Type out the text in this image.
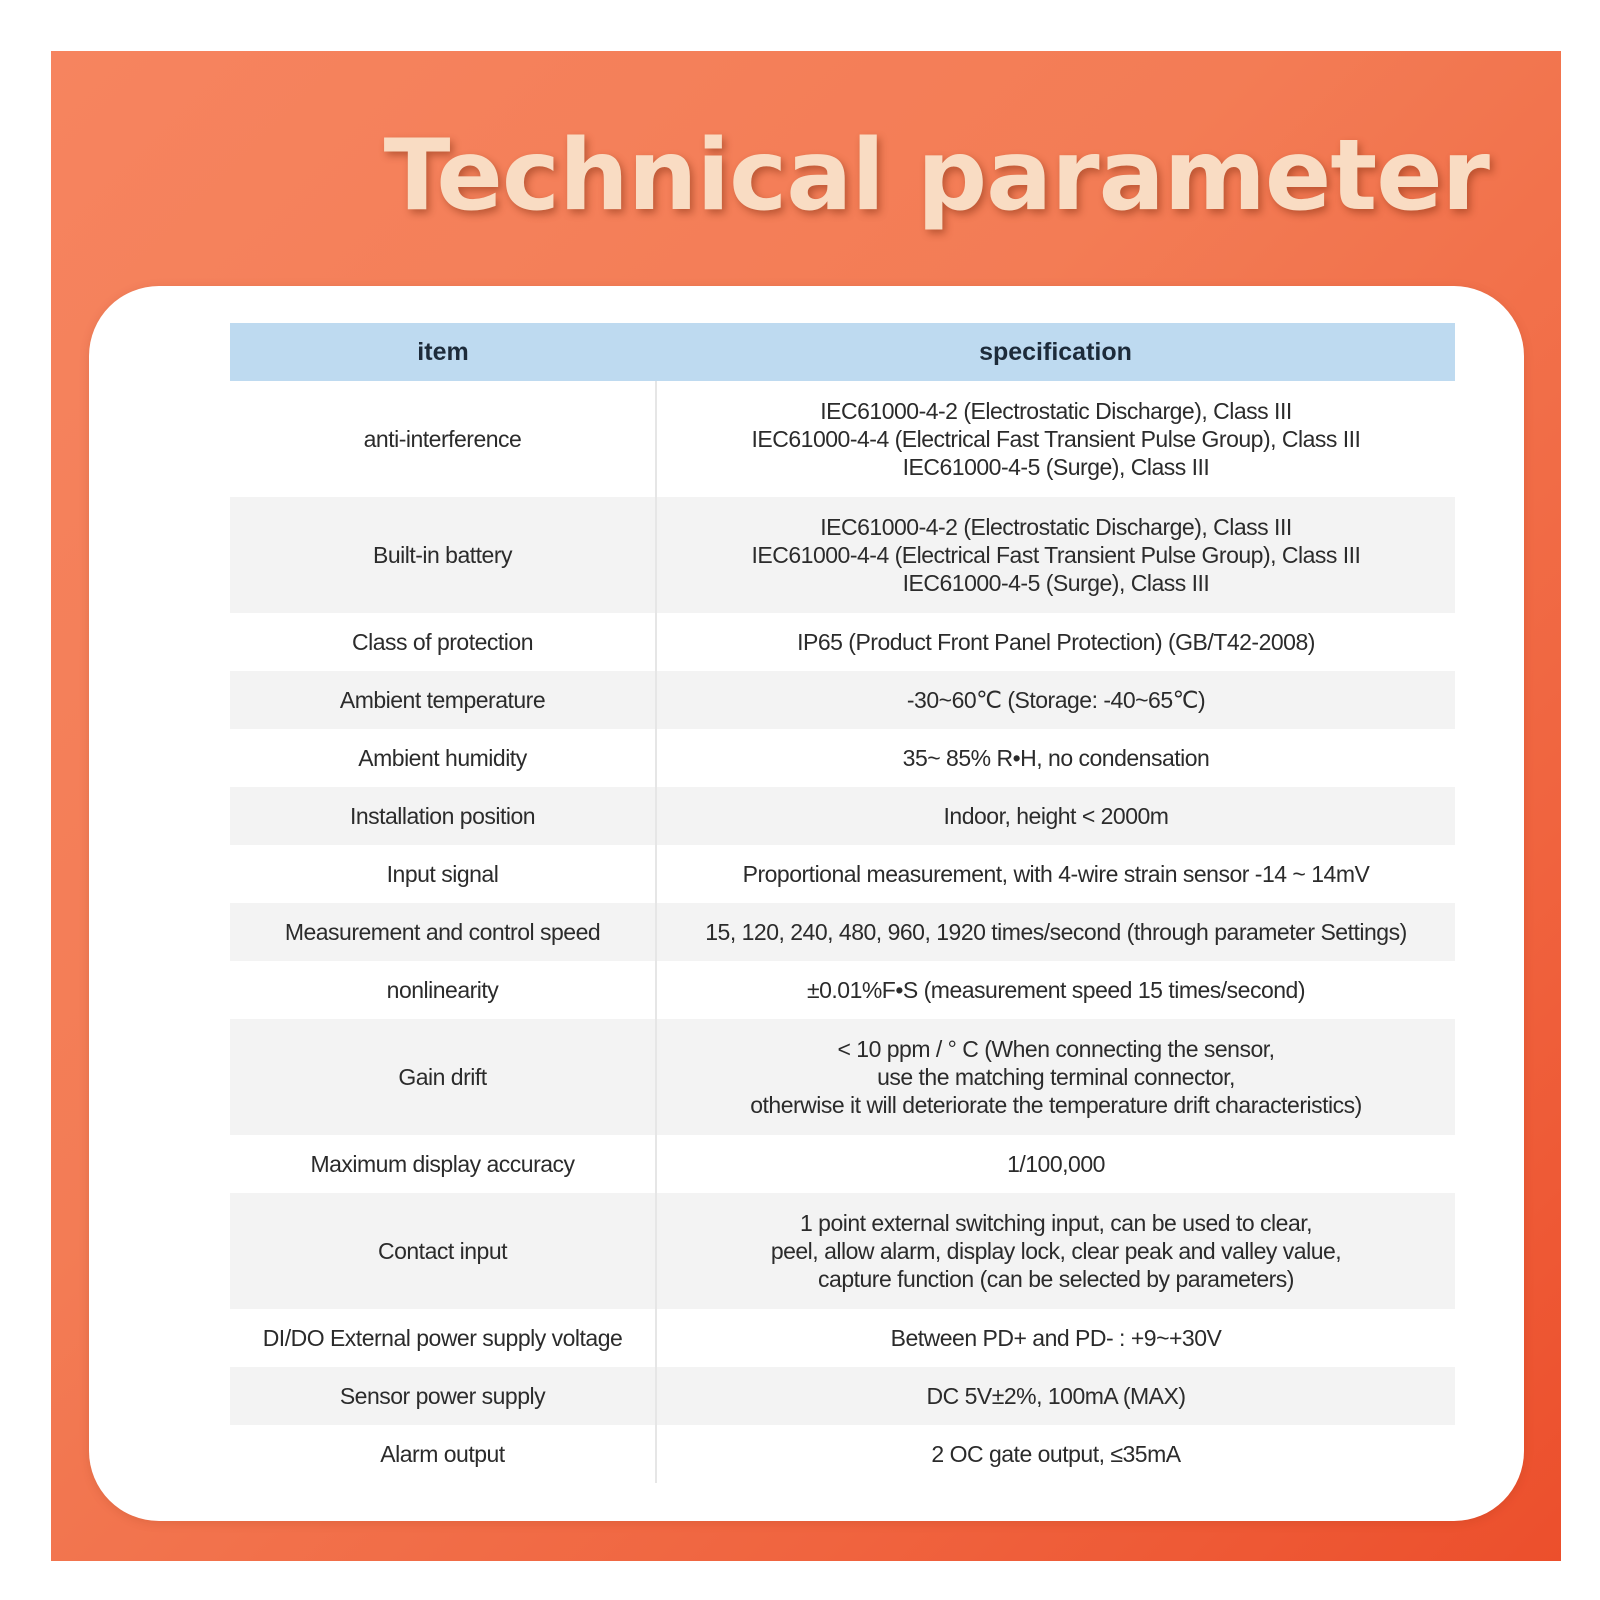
Technical parameter
item	specification
anti-interference	IEC61000-4-2 (Electrostatic Discharge), Class III
IEC61000-4-4 (Electrical Fast Transient Pulse Group), Class III
IEC61000-4-5 (Surge), Class III

Built-in battery	IEC61000-4-2 (Electrostatic Discharge), Class III
IEC61000-4-4 (Electrical Fast Transient Pulse Group), Class III
IEC61000-4-5 (Surge), Class III

Class of protection	IP65 (Product Front Panel Protection) (GB/T42-2008)

Ambient temperature	-30~60℃ (Storage: -40~65℃)

Ambient humidity	35~ 85% R•H, no condensation

Installation position	Indoor, height < 2000m

Input signal	Proportional measurement, with 4-wire strain sensor -14 ~ 14mV

Measurement and control speed	15, 120, 240, 480, 960, 1920 times/second (through parameter Settings)

nonlinearity	±0.01%F•S (measurement speed 15 times/second)

Gain drift	< 10 ppm / ° C (When connecting the sensor,
use the matching terminal connector,
otherwise it will deteriorate the temperature drift characteristics)

Maximum display accuracy	1/100,000

Contact input	1 point external switching input, can be used to clear,
peel, allow alarm, display lock, clear peak and valley value,
capture function (can be selected by parameters)

DI/DO External power supply voltage	Between PD+ and PD- : +9~+30V

Sensor power supply	DC 5V±2%, 100mA (MAX)

Alarm output	2 OC gate output, ≤35mA
